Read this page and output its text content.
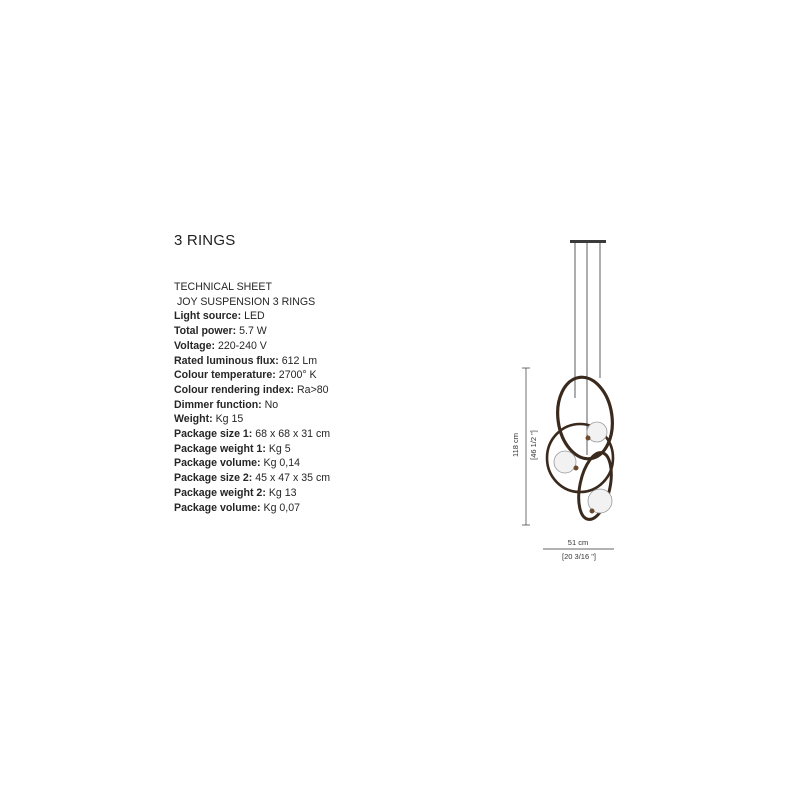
3 RINGS
TECHNICAL SHEET
JOY SUSPENSION 3 RINGS
Light source: LED
Total power: 5.7 W
Voltage: 220-240 V
Rated luminous flux: 612 Lm
Colour temperature: 2700° K
Colour rendering index: Ra>80
Dimmer function: No
Weight: Kg 15
Package size 1: 68 x 68 x 31 cm
Package weight 1: Kg 5
Package volume: Kg 0,14
Package size 2: 45 x 47 x 35 cm
Package weight 2: Kg 13
Package volume: Kg 0,07
118 cm [46 1/2 "]
51 cm
[20 3/16 "]
